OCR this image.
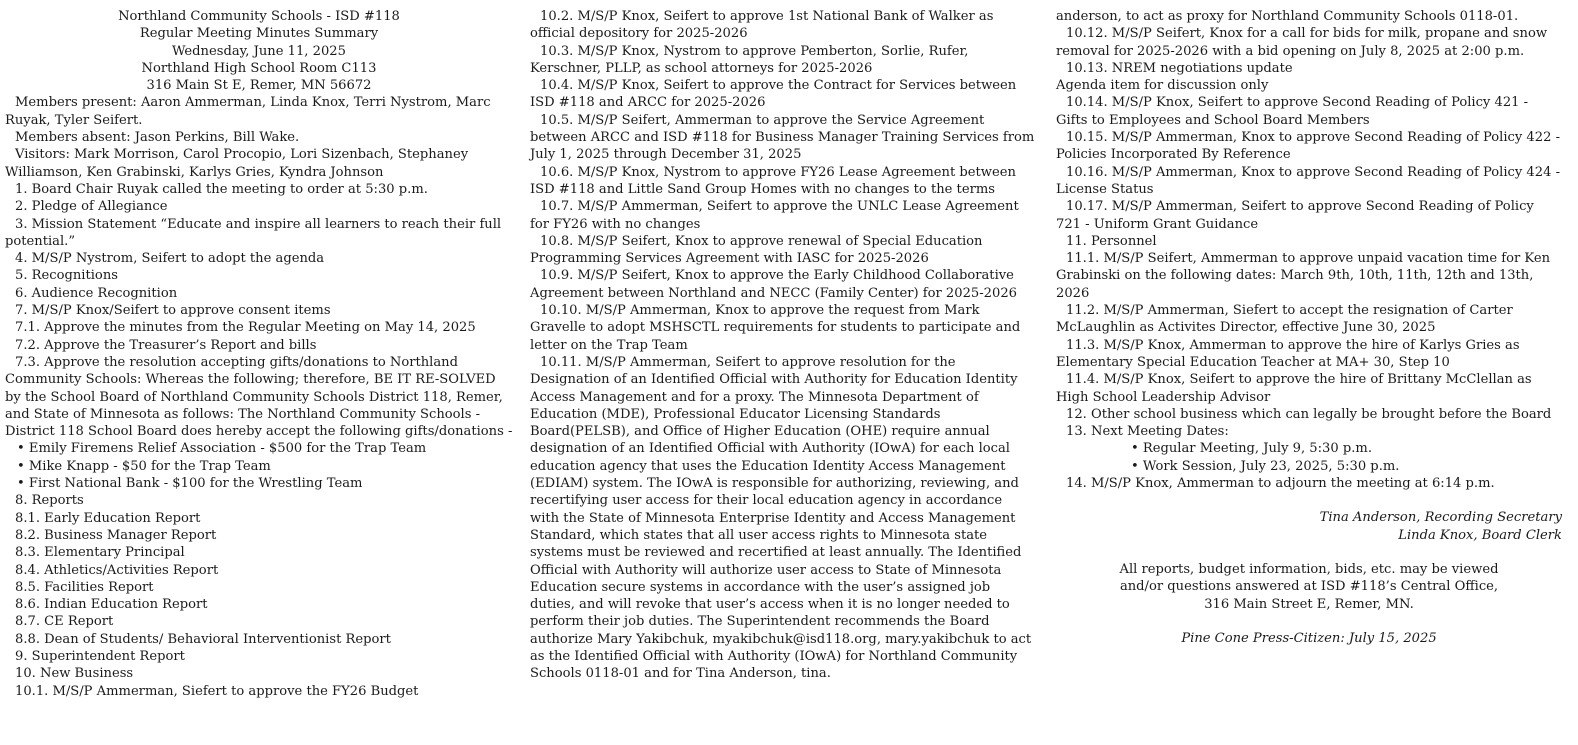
Northland Community Schools - ISD #118
Regular Meeting Minutes Summary
Wednesday, June 11, 2025
Northland High School Room C113
316 Main St E, Remer, MN 56672
Members present: Aaron Ammerman, Linda Knox, Terri Nystrom, Marc Ruyak, Tyler Seifert.
Members absent: Jason Perkins, Bill Wake.
Visitors: Mark Morrison, Carol Procopio, Lori Sizenbach, Stephaney Williamson, Ken Grabinski, Karlys Gries, Kyndra Johnson
1. Board Chair Ruyak called the meeting to order at 5:30 p.m.
2. Pledge of Allegiance
3. Mission Statement “Educate and inspire all learners to reach their full potential.”
4. M/S/P Nystrom, Seifert to adopt the agenda
5. Recognitions
6. Audience Recognition
7. M/S/P Knox/Seifert to approve consent items
7.1. Approve the minutes from the Regular Meeting on May 14, 2025
7.2. Approve the Treasurer’s Report and bills
7.3. Approve the resolution accepting gifts/donations to Northland Community Schools: Whereas the following; therefore, BE IT RE-SOLVED by the School Board of Northland Community Schools District 118, Remer, and State of Minnesota as follows: The Northland Community Schools - District 118 School Board does hereby accept the following gifts/donations -
• Emily Firemens Relief Association - $500 for the Trap Team
• Mike Knapp - $50 for the Trap Team
• First National Bank - $100 for the Wrestling Team
8. Reports
8.1. Early Education Report
8.2. Business Manager Report
8.3. Elementary Principal
8.4. Athletics/Activities Report
8.5. Facilities Report
8.6. Indian Education Report
8.7. CE Report
8.8. Dean of Students/ Behavioral Interventionist Report
9. Superintendent Report
10. New Business
10.1. M/S/P Ammerman, Siefert to approve the FY26 Budget
10.2. M/S/P Knox, Seifert to approve 1st National Bank of Walker as official depository for 2025-2026
10.3. M/S/P Knox, Nystrom to approve Pemberton, Sorlie, Rufer, Kerschner, PLLP, as school attorneys for 2025-2026
10.4. M/S/P Knox, Seifert to approve the Contract for Services between ISD #118 and ARCC for 2025-2026
10.5. M/S/P Seifert, Ammerman to approve the Service Agreement between ARCC and ISD #118 for Business Manager Training Services from July 1, 2025 through December 31, 2025
10.6. M/S/P Knox, Nystrom to approve FY26 Lease Agreement between ISD #118 and Little Sand Group Homes with no changes to the terms
10.7. M/S/P Ammerman, Seifert to approve the UNLC Lease Agreement for FY26 with no changes
10.8. M/S/P Seifert, Knox to approve renewal of Special Education Programming Services Agreement with IASC for 2025-2026
10.9. M/S/P Seifert, Knox to approve the Early Childhood Collaborative Agreement between Northland and NECC (Family Center) for 2025-2026
10.10. M/S/P Ammerman, Knox to approve the request from Mark Gravelle to adopt MSHSCTL requirements for students to participate and letter on the Trap Team
10.11. M/S/P Ammerman, Seifert to approve resolution for the Designation of an Identified Official with Authority for Education Identity Access Management and for a proxy. The Minnesota Department of Education (MDE), Professional Educator Licensing Standards Board(PELSB), and Office of Higher Education (OHE) require annual designation of an Identified Official with Authority (IOwA) for each local education agency that uses the Education Identity Access Management (EDIAM) system. The IOwA is responsible for authorizing, reviewing, and recertifying user access for their local education agency in accordance with the State of Minnesota Enterprise Identity and Access Management Standard, which states that all user access rights to Minnesota state systems must be reviewed and recertified at least annually. The Identified Official with Authority will authorize user access to State of Minnesota Education secure systems in accordance with the user’s assigned job duties, and will revoke that user’s access when it is no longer needed to perform their job duties. The Superintendent recommends the Board authorize Mary Yakibchuk, myakibchuk@isd118.org, mary.yakibchuk to act as the Identified Official with Authority (IOwA) for Northland Community Schools 0118-01 and for Tina Anderson, tina.
anderson, to act as proxy for Northland Community Schools 0118-01.
10.12. M/S/P Seifert, Knox for a call for bids for milk, propane and snow removal for 2025-2026 with a bid opening on July 8, 2025 at 2:00 p.m.
10.13. NREM negotiations update
Agenda item for discussion only
10.14. M/S/P Knox, Seifert to approve Second Reading of Policy 421 - Gifts to Employees and School Board Members
10.15. M/S/P Ammerman, Knox to approve Second Reading of Policy 422 - Policies Incorporated By Reference
10.16. M/S/P Ammerman, Knox to approve Second Reading of Policy 424 - License Status
10.17. M/S/P Ammerman, Seifert to approve Second Reading of Policy 721 - Uniform Grant Guidance
11. Personnel
11.1. M/S/P Seifert, Ammerman to approve unpaid vacation time for Ken Grabinski on the following dates: March 9th, 10th, 11th, 12th and 13th, 2026
11.2. M/S/P Ammerman, Siefert to accept the resignation of Carter McLaughlin as Activites Director, effective June 30, 2025
11.3. M/S/P Knox, Ammerman to approve the hire of Karlys Gries as Elementary Special Education Teacher at MA+ 30, Step 10
11.4. M/S/P Knox, Seifert to approve the hire of Brittany McClellan as High School Leadership Advisor
12. Other school business which can legally be brought before the Board
13. Next Meeting Dates:
• Regular Meeting, July 9, 5:30 p.m.
• Work Session, July 23, 2025, 5:30 p.m.
14. M/S/P Knox, Ammerman to adjourn the meeting at 6:14 p.m.
Tina Anderson, Recording Secretary
Linda Knox, Board Clerk
All reports, budget information, bids, etc. may be viewed
and/or questions answered at ISD #118’s Central Office,
316 Main Street E, Remer, MN.
Pine Cone Press-Citizen: July 15, 2025
